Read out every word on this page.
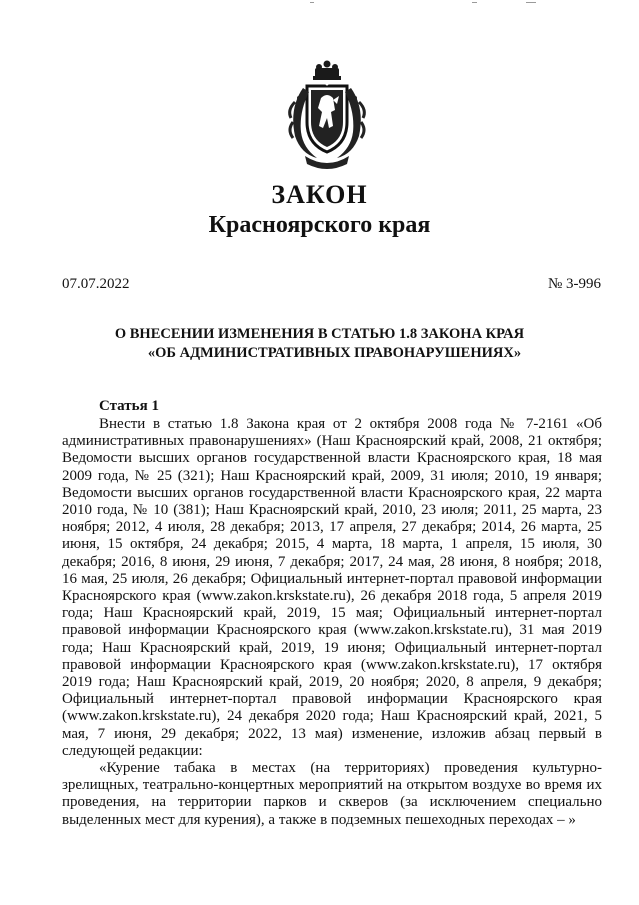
ЗАКОН
Красноярского края
07.07.2022	№ 3-996
О ВНЕСЕНИИ ИЗМЕНЕНИЯ В СТАТЬЮ 1.8 ЗАКОНА КРАЯ
«ОБ АДМИНИСТРАТИВНЫХ ПРАВОНАРУШЕНИЯХ»
Статья 1

Внести в статью 1.8 Закона края от 2 октября 2008 года № 7-2161 «Об административных правонарушениях» (Наш Красноярский край, 2008, 21 октября; Ведомости высших органов государственной власти Красноярского края, 18 мая 2009 года, № 25 (321); Наш Красноярский край, 2009, 31 июля; 2010, 19 января; Ведомости высших органов государственной власти Красноярского края, 22 марта 2010 года, № 10 (381); Наш Красноярский край, 2010, 23 июля; 2011, 25 марта, 23 ноября; 2012, 4 июля, 28 декабря; 2013, 17 апреля, 27 декабря; 2014, 26 марта, 25 июня, 15 октября, 24 декабря; 2015, 4 марта, 18 марта, 1 апреля, 15 июля, 30 декабря; 2016, 8 июня, 29 июня, 7 декабря; 2017, 24 мая, 28 июня, 8 ноября; 2018, 16 мая, 25 июля, 26 декабря; Официальный интернет-портал правовой информации Красноярского края (www.zakon.krskstate.ru), 26 декабря 2018 года, 5 апреля 2019 года; Наш Красноярский край, 2019, 15 мая; Официальный интернет-портал правовой информации Красноярского края (www.zakon.krskstate.ru), 31 мая 2019 года; Наш Красноярский край, 2019, 19 июня; Официальный интернет-портал правовой информации Красноярского края (www.zakon.krskstate.ru), 17 октября 2019 года; Наш Красноярский край, 2019, 20 ноября; 2020, 8 апреля, 9 декабря; Официальный интернет-портал правовой информации Красноярского края (www.zakon.krskstate.ru), 24 декабря 2020 года; Наш Красноярский край, 2021, 5 мая, 7 июня, 29 декабря; 2022, 13 мая) изменение, изложив абзац первый в следующей редакции:

«Курение табака в местах (на территориях) проведения культурно-зрелищных, театрально-концертных мероприятий на открытом воздухе во время их проведения, на территории парков и скверов (за исключением специально выделенных мест для курения), а также в подземных пешеходных переходах – »
